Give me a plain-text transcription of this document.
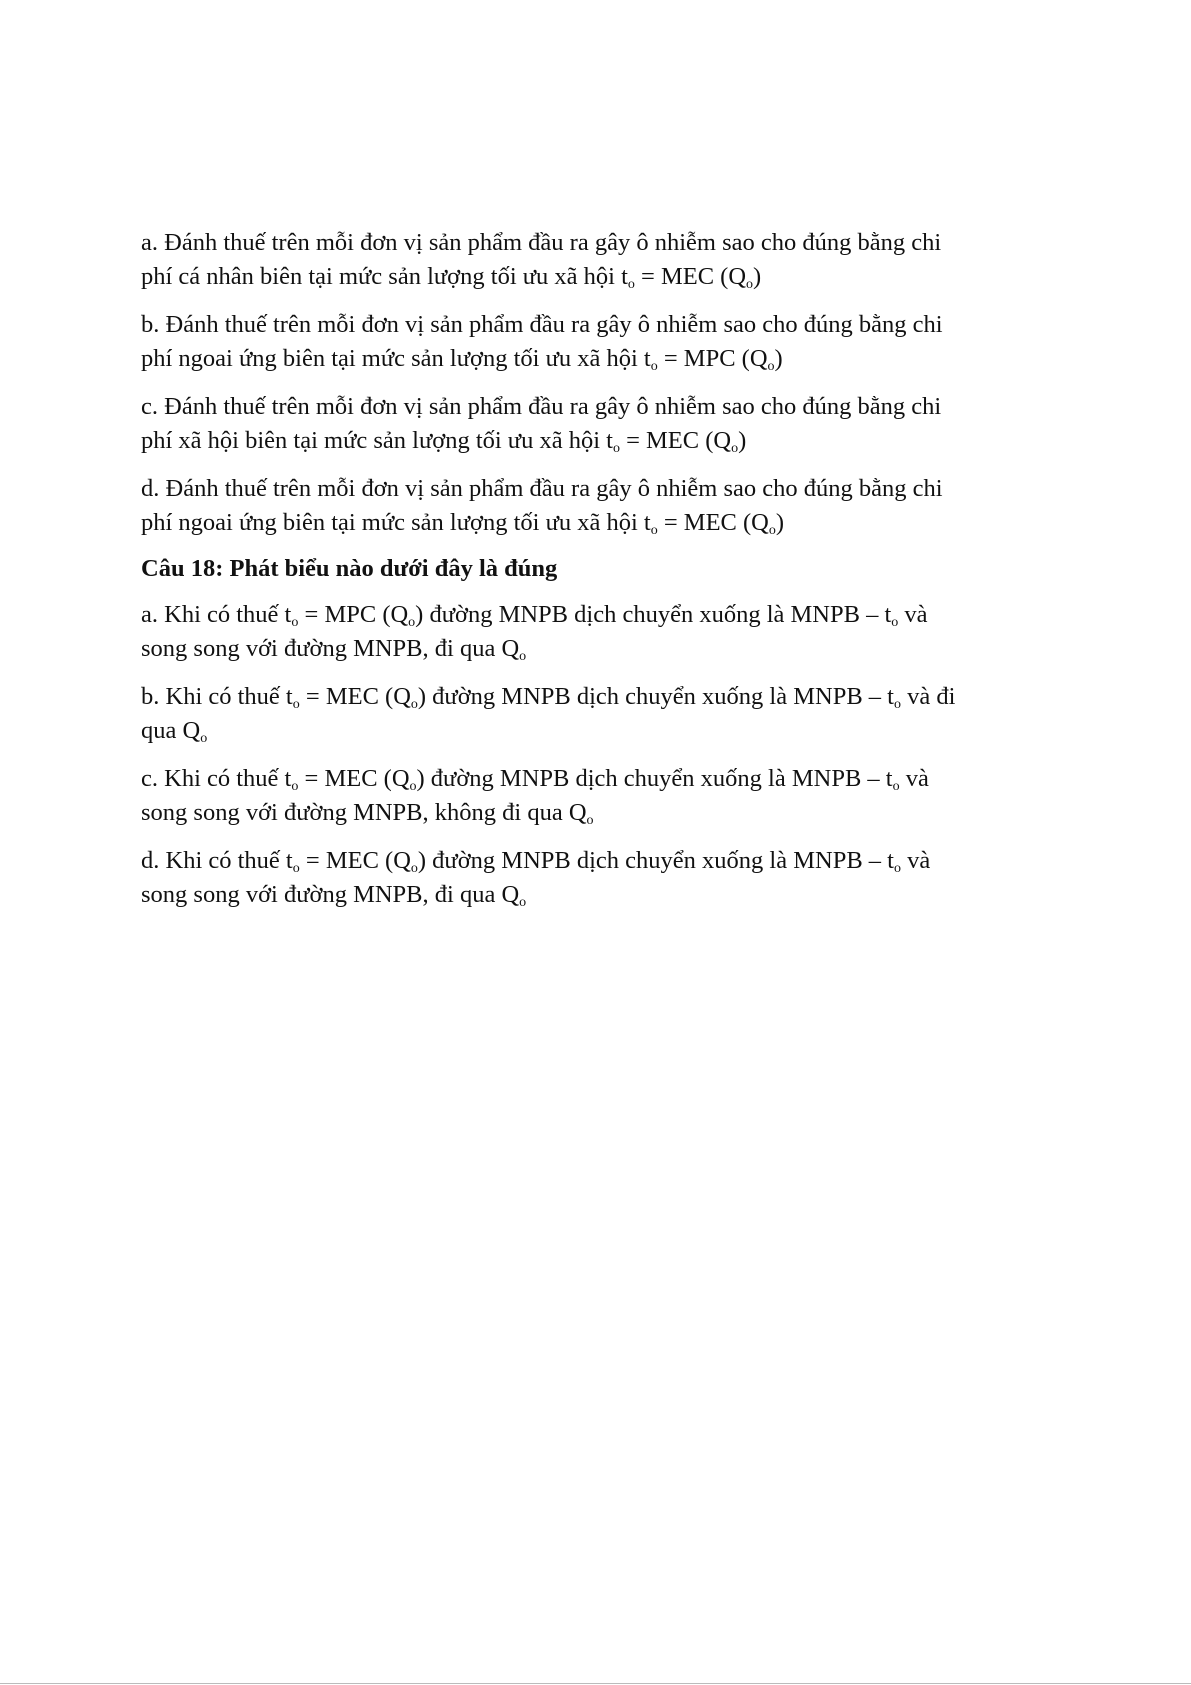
a. Đánh thuế trên mỗi đơn vị sản phẩm đầu ra gây ô nhiễm sao cho đúng bằng chi
phí cá nhân biên tại mức sản lượng tối ưu xã hội $t_o$ = MEC $(Q_o)$
b. Đánh thuế trên mỗi đơn vị sản phẩm đầu ra gây ô nhiễm sao cho đúng bằng chi
phí ngoai ứng biên tại mức sản lượng tối ưu xã hội $t_o$ = MPC $(Q_o)$
c. Đánh thuế trên mỗi đơn vị sản phẩm đầu ra gây ô nhiễm sao cho đúng bằng chi
phí xã hội biên tại mức sản lượng tối ưu xã hội $t_o$ = MEC $(Q_o)$
d. Đánh thuế trên mỗi đơn vị sản phẩm đầu ra gây ô nhiễm sao cho đúng bằng chi
phí ngoai ứng biên tại mức sản lượng tối ưu xã hội $t_o$ = MEC $(Q_o)$
Câu 18: Phát biểu nào dưới đây là đúng
a. Khi có thuế $t_o$ = MPC $(Q_o)$ đường MNPB dịch chuyển xuống là MNPB – $t_o$ và
song song với đường MNPB, đi qua $Q_o$
b. Khi có thuế $t_o$ = MEC $(Q_o)$ đường MNPB dịch chuyển xuống là MNPB – $t_o$ và đi
qua $Q_o$
c. Khi có thuế $t_o$ = MEC $(Q_o)$ đường MNPB dịch chuyển xuống là MNPB – $t_o$ và
song song với đường MNPB, không đi qua $Q_o$
d. Khi có thuế $t_o$ = MEC $(Q_o)$ đường MNPB dịch chuyển xuống là MNPB – $t_o$ và
song song với đường MNPB, đi qua $Q_o$
